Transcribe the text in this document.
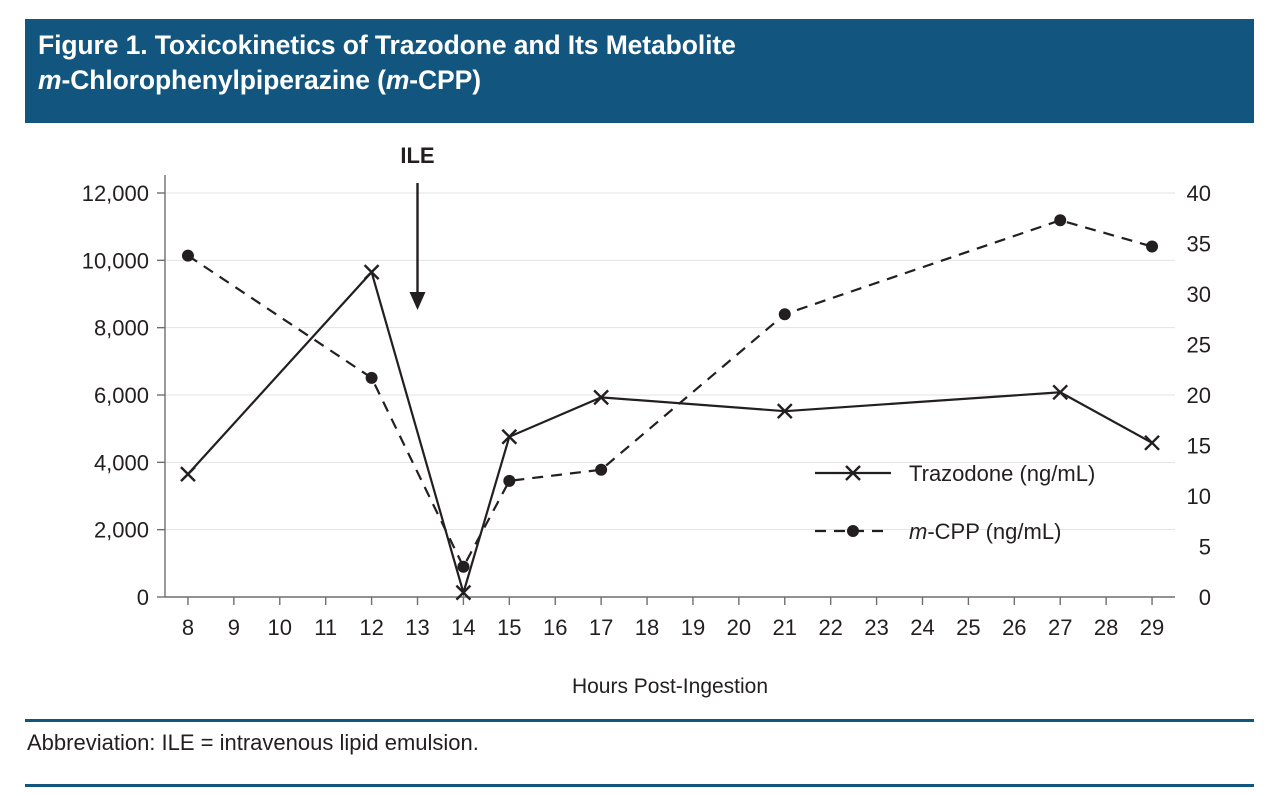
Figure 1. Toxicokinetics of Trazodone and Its Metabolite
m-Chlorophenylpiperazine (m-CPP)
0
2,000
4,000
6,000
8,000
10,000
12,000
0
5
10
15
20
25
30
35
40
8 9 10 11 12 13 14 15 16 17 18 19 20 21 22 23 24 25 26 27 28 29
ILE
Trazodone (ng/mL)
m-CPP (ng/mL)
Hours Post-Ingestion
Abbreviation: ILE = intravenous lipid emulsion.
